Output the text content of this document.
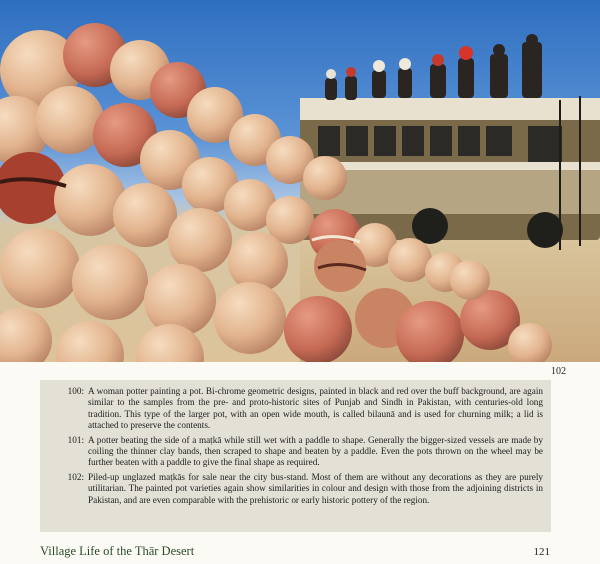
102
100: A woman potter painting a pot. Bi-chrome geometric designs, painted in black and red over the buff background, are again similar to the samples from the pre- and proto-historic sites of Punjab and Sindh in Pakistan, with centuries-old long tradition. This type of the larger pot, with an open wide mouth, is called bilaunā and is used for churning milk; a lid is attached to preserve the contents.
101: A potter beating the side of a maṭkā while still wet with a paddle to shape. Generally the bigger-sized vessels are made by coiling the thinner clay bands, then scraped to shape and beaten by a paddle. Even the pots thrown on the wheel may be further beaten with a paddle to give the final shape as required.
102: Piled-up unglazed maṭkās for sale near the city bus-stand. Most of them are without any decorations as they are purely utilitarian. The painted pot varieties again show similarities in colour and design with those from the adjoining districts in Pakistan, and are even comparable with the prehistoric or early historic pottery of the region.
Village Life of the Thār Desert	121
